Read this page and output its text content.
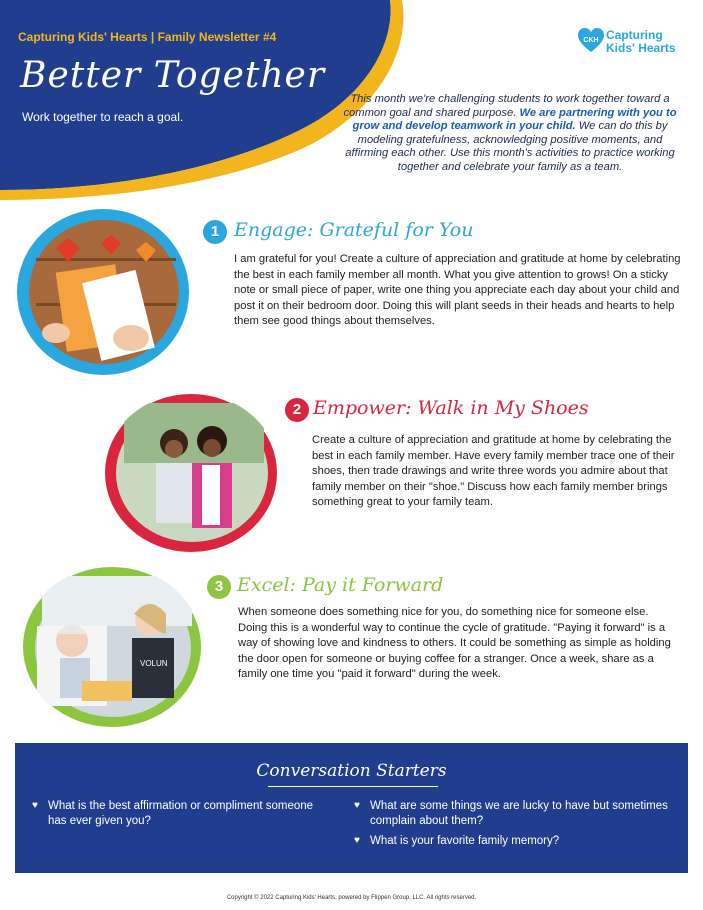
Capturing Kids' Hearts | Family Newsletter #4
Better Together
Work together to reach a goal.
CKH Capturing
Kids' Hearts
This month we're challenging students to work together toward a common goal and shared purpose. We are partnering with you to grow and develop teamwork in your child. We can do this by modeling gratefulness, acknowledging positive moments, and affirming each other. Use this month's activities to practice working together and celebrate your family as a team.
1 Engage: Grateful for You
I am grateful for you! Create a culture of appreciation and gratitude at home by celebrating the best in each family member all month. What you give attention to grows! On a sticky note or small piece of paper, write one thing you appreciate each day about your child and post it on their bedroom door. Doing this will plant seeds in their heads and hearts to help them see good things about themselves.
2 Empower: Walk in My Shoes
Create a culture of appreciation and gratitude at home by celebrating the best in each family member. Have every family member trace one of their shoes, then trade drawings and write three words you admire about that family member on their "shoe." Discuss how each family member brings something great to your family team.
VOLUN
3 Excel: Pay it Forward
When someone does something nice for you, do something nice for someone else. Doing this is a wonderful way to continue the cycle of gratitude. "Paying it forward" is a way of showing love and kindness to others. It could be something as simple as holding the door open for someone or buying coffee for a stranger. Once a week, share as a family one time you "paid it forward" during the week.
Conversation Starters
♥ What is the best affirmation or compliment someone has ever given you?
♥ What are some things we are lucky to have but sometimes complain about them?
♥ What is your favorite family memory?
Copyright © 2022 Capturing Kids' Hearts, powered by Flippen Group, LLC. All rights reserved.
